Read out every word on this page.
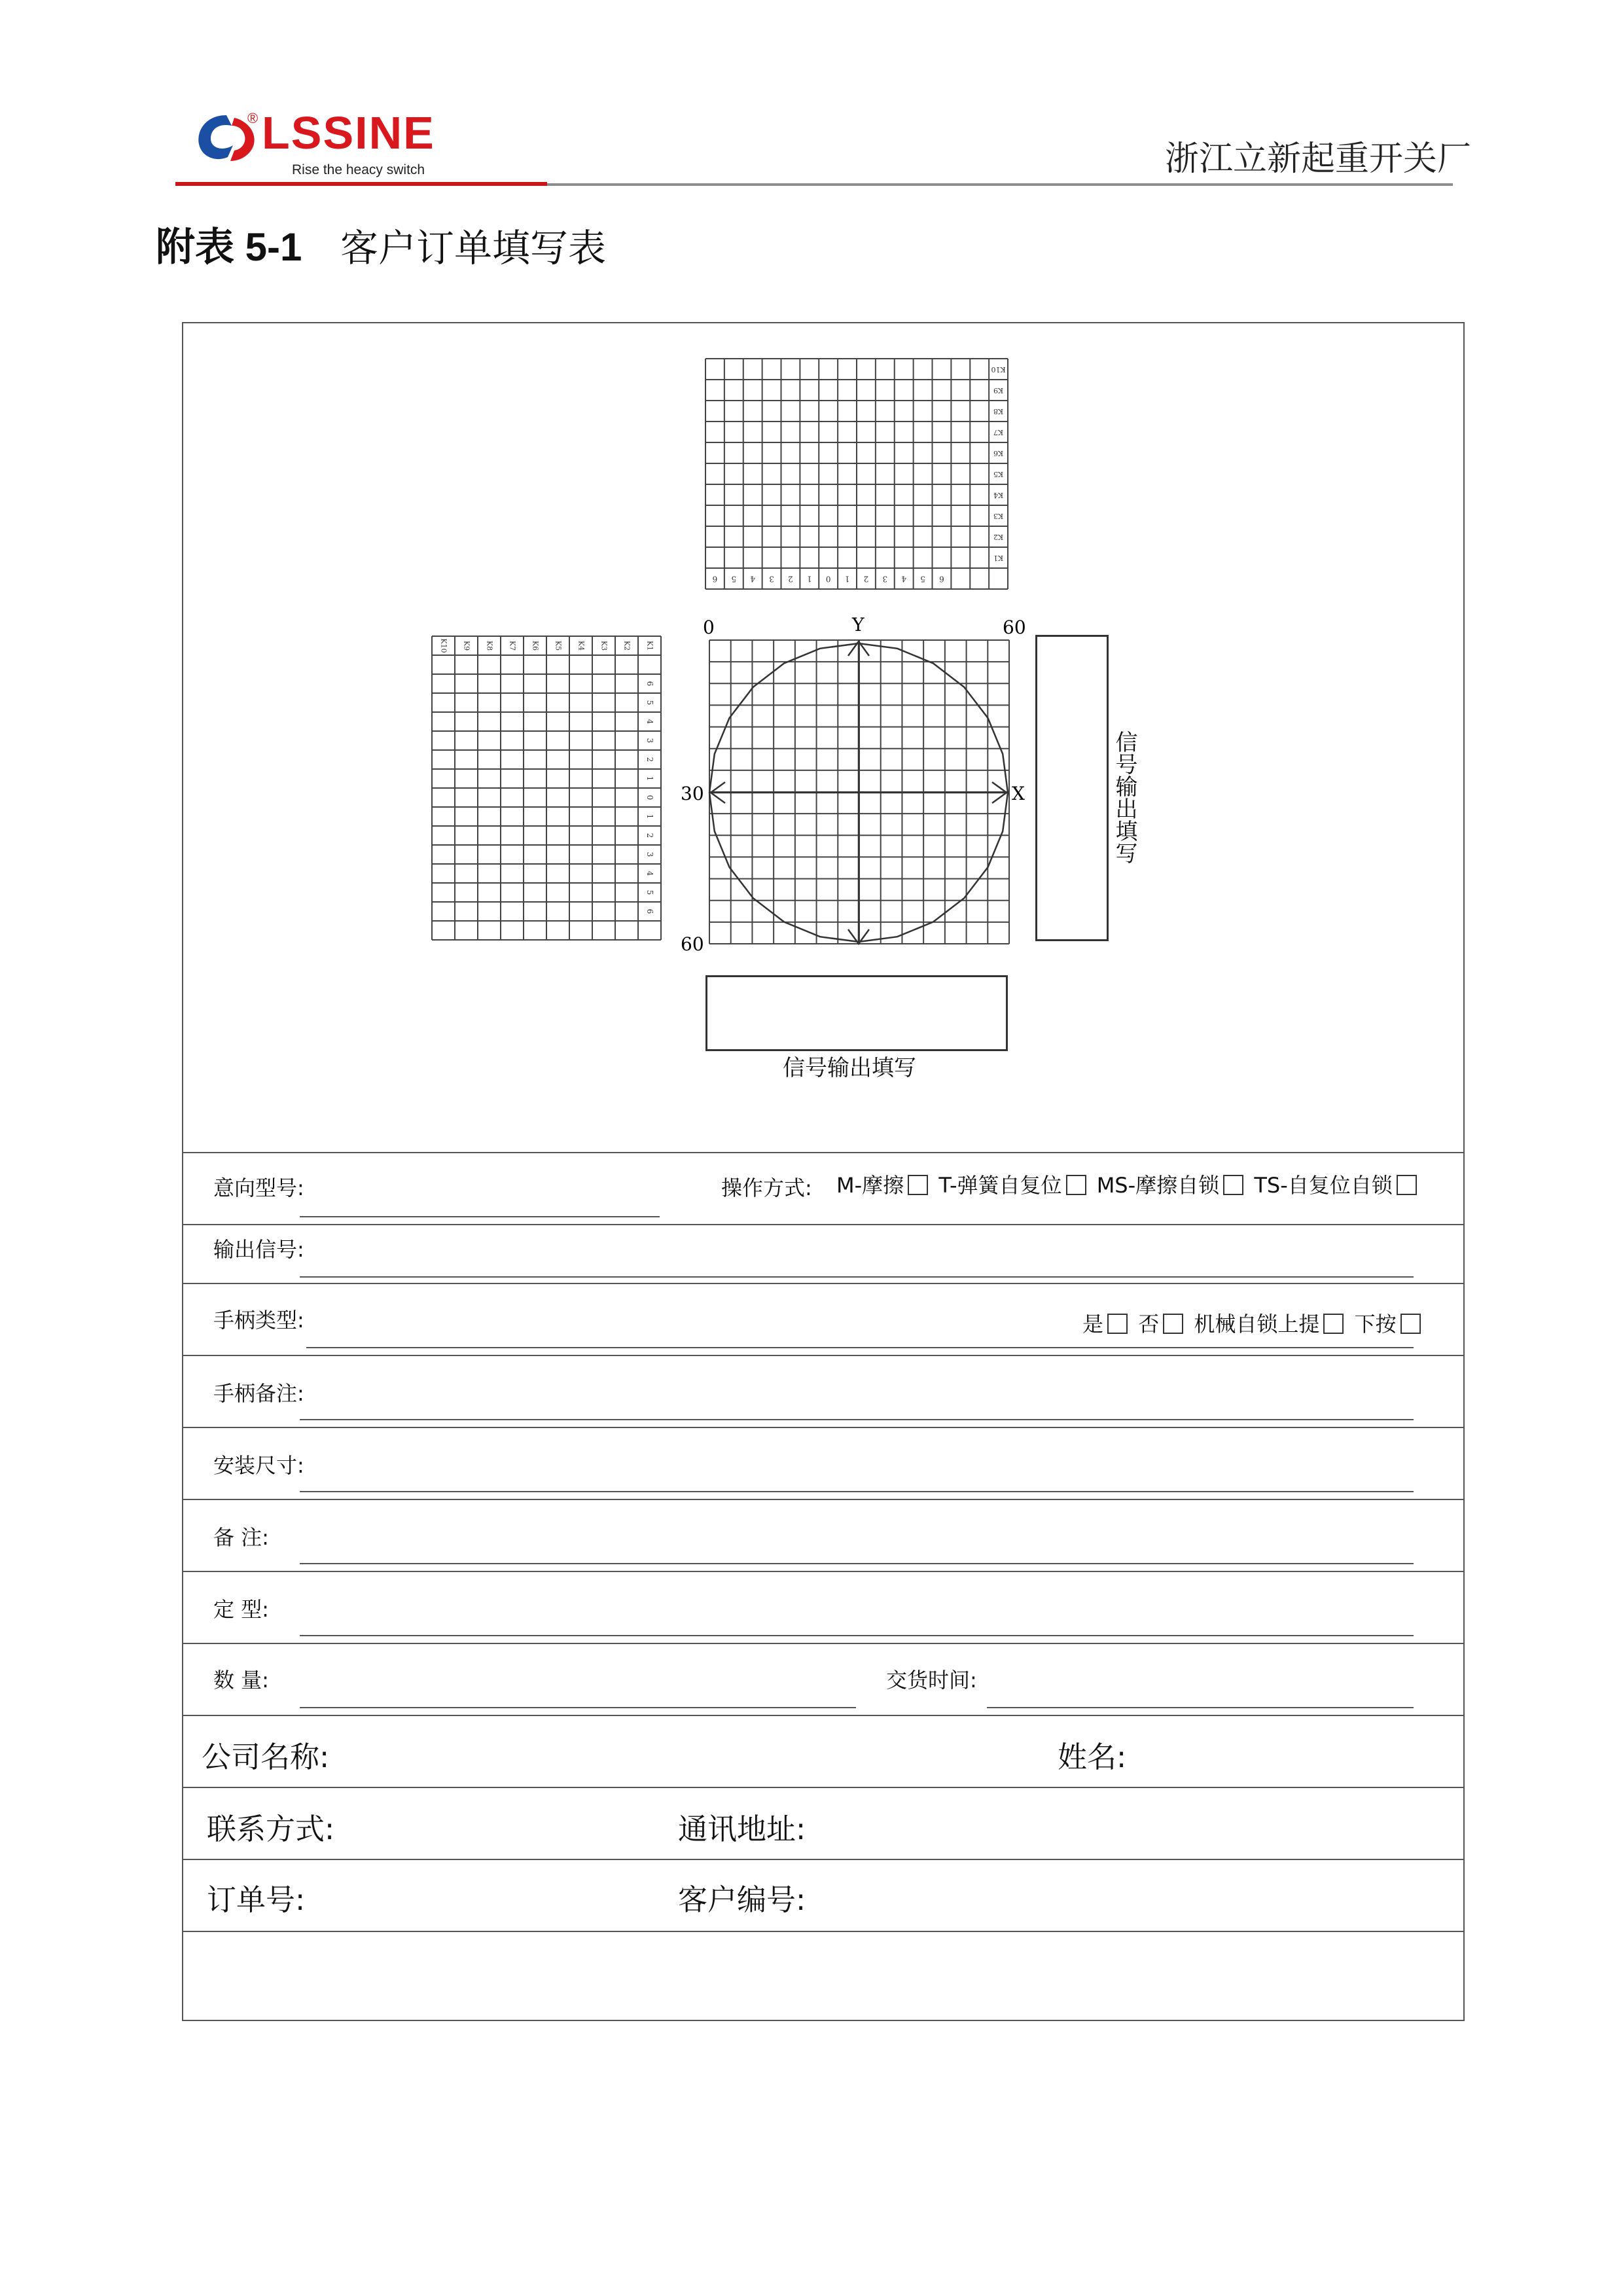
® LSSINE
Rise the heacy switch	浙江立新起重开关厂
附表 5-1 客户订单填写表
0	60
30
60
Y
X
K10
K9
K8
K7
K6
K5
K4
K3
K2
K1
6 5 4 3 2 1 0 1 2 3 4 5 6
K10 K9 K8 K7 K6 K5 K4 K3 K2 K1
6
5
4
3
2
1
0
1
2
3
4
5
6
信号输出填写
信号输出填写
意向型号:	操作方式: M-摩擦 T-弹簧自复位 MS-摩擦自锁 TS-自复位自锁
输出信号:
手柄类型:	是 否 机械自锁上提 下按
手柄备注:
安装尺寸:
备 注:
定 型:
数 量:	交货时间:
公司名称:	姓名:
联系方式:	通讯地址:
订单号:	客户编号:
